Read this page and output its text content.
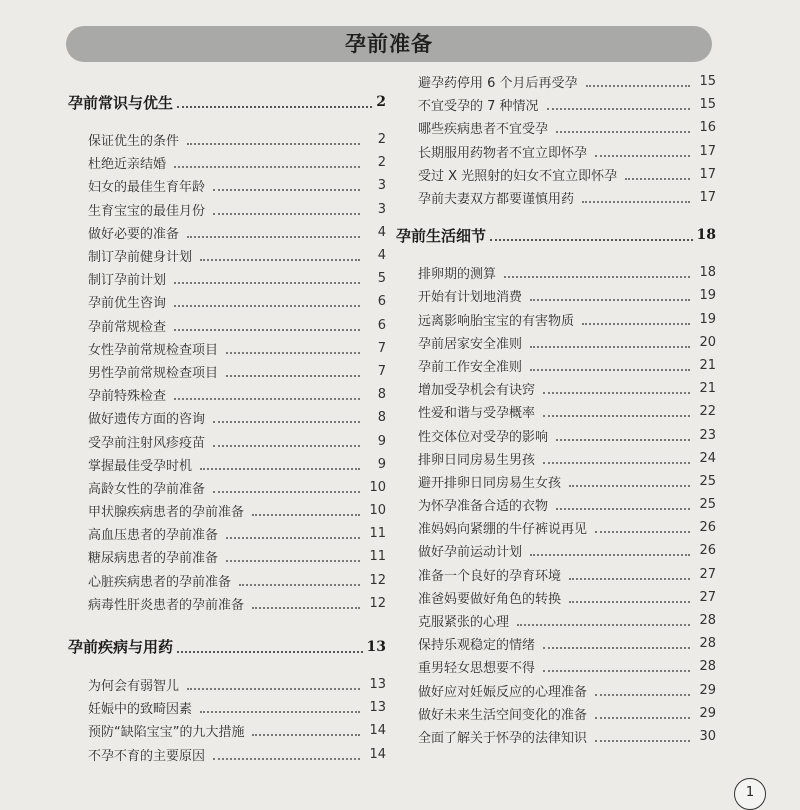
孕前准备
孕前常识与优生	2
保证优生的条件	2
杜绝近亲结婚	2
妇女的最佳生育年龄	3
生育宝宝的最佳月份	3
做好必要的准备	4
制订孕前健身计划	4
制订孕前计划	5
孕前优生咨询	6
孕前常规检查	6
女性孕前常规检查项目	7
男性孕前常规检查项目	7
孕前特殊检查	8
做好遗传方面的咨询	8
受孕前注射风疹疫苗	9
掌握最佳受孕时机	9
高龄女性的孕前准备	10
甲状腺疾病患者的孕前准备	10
高血压患者的孕前准备	11
糖尿病患者的孕前准备	11
心脏疾病患者的孕前准备	12
病毒性肝炎患者的孕前准备	12
孕前疾病与用药	13
为何会有弱智儿	13
妊娠中的致畸因素	13
预防“缺陷宝宝”的九大措施	14
不孕不育的主要原因	14
避孕药停用 6 个月后再受孕	15
不宜受孕的 7 种情况	15
哪些疾病患者不宜受孕	16
长期服用药物者不宜立即怀孕	17
受过 X 光照射的妇女不宜立即怀孕	17
孕前夫妻双方都要谨慎用药	17
孕前生活细节	18
排卵期的测算	18
开始有计划地消费	19
远离影响胎宝宝的有害物质	19
孕前居家安全准则	20
孕前工作安全准则	21
增加受孕机会有诀窍	21
性爱和谐与受孕概率	22
性交体位对受孕的影响	23
排卵日同房易生男孩	24
避开排卵日同房易生女孩	25
为怀孕准备合适的衣物	25
准妈妈向紧绷的牛仔裤说再见	26
做好孕前运动计划	26
准备一个良好的孕育环境	27
准爸妈要做好角色的转换	27
克服紧张的心理	28
保持乐观稳定的情绪	28
重男轻女思想要不得	28
做好应对妊娠反应的心理准备	29
做好未来生活空间变化的准备	29
全面了解关于怀孕的法律知识	30
1
